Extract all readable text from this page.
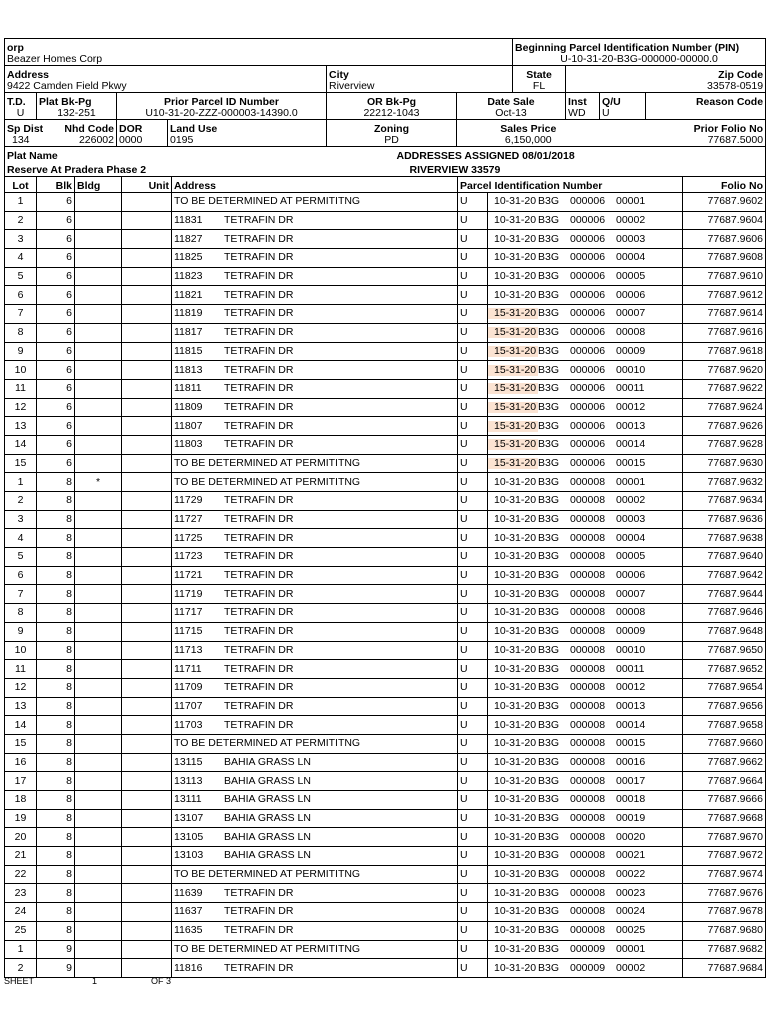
orp						Beginning Parcel Identification Number (PIN)			
Beazer Homes Corp						U-10-31-20-B3G-000000-00000.0			
Address				City		State	Zip Code		
9422 Camden Field Pkwy				Riverview		FL	33578-0519		
T.D.	Plat Bk-Pg	Prior Parcel ID Number		OR Bk-Pg	Date Sale		Inst	Q/U	Reason Code
U	132-251	U10-31-20-ZZZ-000003-14390.0		22212-1043	Oct-13		WD	U	
Sp Dist	Nhd Code	DOR	Land Use	Zoning	Sales Price			Prior Folio No	
134	226002	0000	0195	PD	6,150,000			77687.5000	
Plat Name				ADDRESSES ASSIGNED 08/01/2018					
Reserve At Pradera Phase 2				RIVERVIEW 33579					
Lot	Blk	Bldg	Unit	Address	Parcel Identification Number		Folio No
1	6			TO BE DETERMINED AT PERMITITNG	U	10-31-20 B3G 000006 00001	77687.9602
2	6			11831 TETRAFIN DR	U	10-31-20 B3G 000006 00002	77687.9604
3	6			11827 TETRAFIN DR	U	10-31-20 B3G 000006 00003	77687.9606
4	6			11825 TETRAFIN DR	U	10-31-20 B3G 000006 00004	77687.9608
5	6			11823 TETRAFIN DR	U	10-31-20 B3G 000006 00005	77687.9610
6	6			11821 TETRAFIN DR	U	10-31-20 B3G 000006 00006	77687.9612
7	6			11819 TETRAFIN DR	U	15-31-20 B3G 000006 00007	77687.9614
8	6			11817 TETRAFIN DR	U	15-31-20 B3G 000006 00008	77687.9616
9	6			11815 TETRAFIN DR	U	15-31-20 B3G 000006 00009	77687.9618
10	6			11813 TETRAFIN DR	U	15-31-20 B3G 000006 00010	77687.9620
11	6			11811 TETRAFIN DR	U	15-31-20 B3G 000006 00011	77687.9622
12	6			11809 TETRAFIN DR	U	15-31-20 B3G 000006 00012	77687.9624
13	6			11807 TETRAFIN DR	U	15-31-20 B3G 000006 00013	77687.9626
14	6			11803 TETRAFIN DR	U	15-31-20 B3G 000006 00014	77687.9628
15	6			TO BE DETERMINED AT PERMITITNG	U	15-31-20 B3G 000006 00015	77687.9630
1	8	*		TO BE DETERMINED AT PERMITITNG	U	10-31-20 B3G 000008 00001	77687.9632
2	8			11729 TETRAFIN DR	U	10-31-20 B3G 000008 00002	77687.9634
3	8			11727 TETRAFIN DR	U	10-31-20 B3G 000008 00003	77687.9636
4	8			11725 TETRAFIN DR	U	10-31-20 B3G 000008 00004	77687.9638
5	8			11723 TETRAFIN DR	U	10-31-20 B3G 000008 00005	77687.9640
6	8			11721 TETRAFIN DR	U	10-31-20 B3G 000008 00006	77687.9642
7	8			11719 TETRAFIN DR	U	10-31-20 B3G 000008 00007	77687.9644
8	8			11717 TETRAFIN DR	U	10-31-20 B3G 000008 00008	77687.9646
9	8			11715 TETRAFIN DR	U	10-31-20 B3G 000008 00009	77687.9648
10	8			11713 TETRAFIN DR	U	10-31-20 B3G 000008 00010	77687.9650
11	8			11711 TETRAFIN DR	U	10-31-20 B3G 000008 00011	77687.9652
12	8			11709 TETRAFIN DR	U	10-31-20 B3G 000008 00012	77687.9654
13	8			11707 TETRAFIN DR	U	10-31-20 B3G 000008 00013	77687.9656
14	8			11703 TETRAFIN DR	U	10-31-20 B3G 000008 00014	77687.9658
15	8			TO BE DETERMINED AT PERMITITNG	U	10-31-20 B3G 000008 00015	77687.9660
16	8			13115 BAHIA GRASS LN	U	10-31-20 B3G 000008 00016	77687.9662
17	8			13113 BAHIA GRASS LN	U	10-31-20 B3G 000008 00017	77687.9664
18	8			13111 BAHIA GRASS LN	U	10-31-20 B3G 000008 00018	77687.9666
19	8			13107 BAHIA GRASS LN	U	10-31-20 B3G 000008 00019	77687.9668
20	8			13105 BAHIA GRASS LN	U	10-31-20 B3G 000008 00020	77687.9670
21	8			13103 BAHIA GRASS LN	U	10-31-20 B3G 000008 00021	77687.9672
22	8			TO BE DETERMINED AT PERMITITNG	U	10-31-20 B3G 000008 00022	77687.9674
23	8			11639 TETRAFIN DR	U	10-31-20 B3G 000008 00023	77687.9676
24	8			11637 TETRAFIN DR	U	10-31-20 B3G 000008 00024	77687.9678
25	8			11635 TETRAFIN DR	U	10-31-20 B3G 000008 00025	77687.9680
1	9			TO BE DETERMINED AT PERMITITNG	U	10-31-20 B3G 000009 00001	77687.9682
2	9			11816 TETRAFIN DR	U	10-31-20 B3G 000009 00002	77687.9684
SHEET	1	OF 3
